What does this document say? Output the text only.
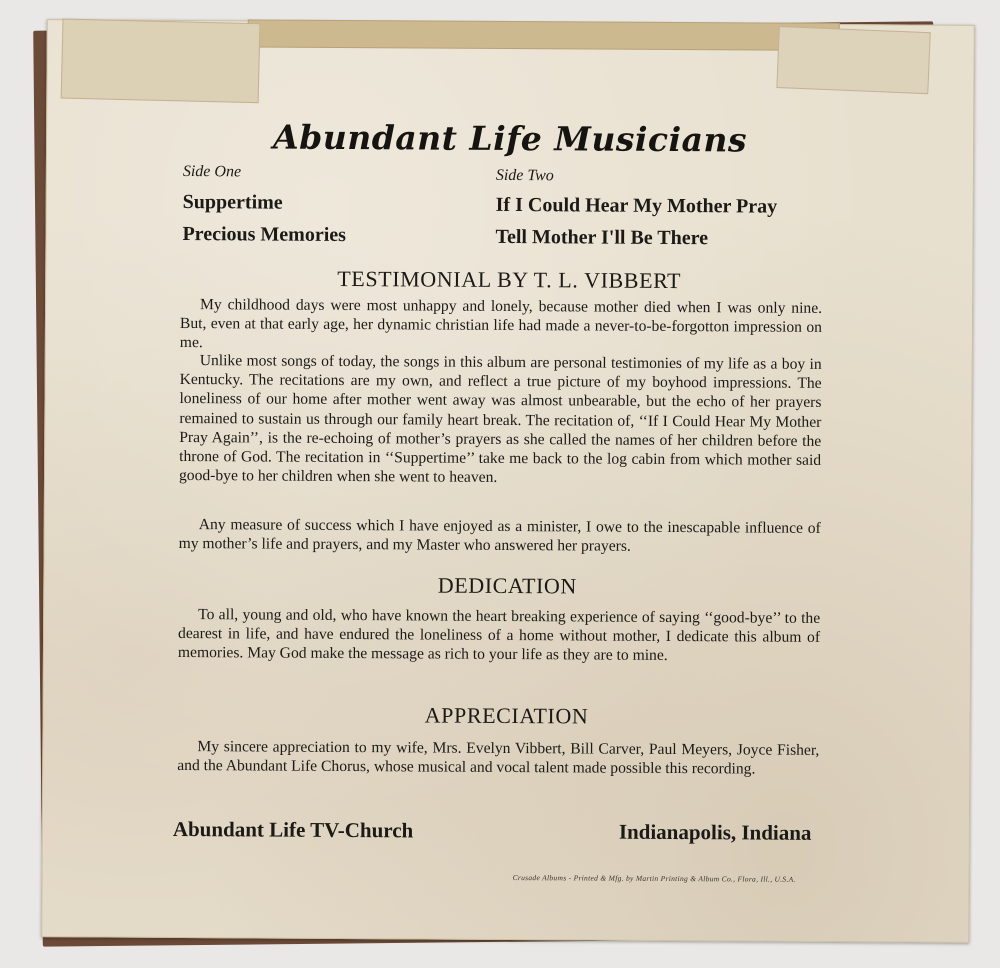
Abundant Life Musicians
Side One
Suppertime
Precious Memories
Side Two
If I Could Hear My Mother Pray
Tell Mother I'll Be There
TESTIMONIAL BY T. L. VIBBERT

My childhood days were most unhappy and lonely, because mother died when I was only nine. But, even at that early age, her dynamic christian life had made a never-to-be-forgotton impression on me.

Unlike most songs of today, the songs in this album are personal testimonies of my life as a boy in Kentucky. The recitations are my own, and reflect a true picture of my boyhood impressions. The loneliness of our home after mother went away was almost unbearable, but the echo of her prayers remained to sustain us through our family heart break. The recitation of, ‘‘If I Could Hear My Mother Pray Again’’, is the re-echoing of mother’s prayers as she called the names of her children before the throne of God. The recitation in ‘‘Suppertime’’ take me back to the log cabin from which mother said good-bye to her children when she went to heaven.

Any measure of success which I have enjoyed as a minister, I owe to the inescapable influence of my mother’s life and prayers, and my Master who answered her prayers.

DEDICATION

To all, young and old, who have known the heart breaking experience of saying ‘‘good-bye’’ to the dearest in life, and have endured the loneliness of a home without mother, I dedicate this album of memories. May God make the message as rich to your life as they are to mine.

APPRECIATION

My sincere appreciation to my wife, Mrs. Evelyn Vibbert, Bill Carver, Paul Meyers, Joyce Fisher, and the Abundant Life Chorus, whose musical and vocal talent made possible this recording.

Abundant Life TV-Church	Indianapolis, Indiana
Crusade Albums - Printed & Mfg. by Martin Printing & Album Co., Flora, Ill., U.S.A.
